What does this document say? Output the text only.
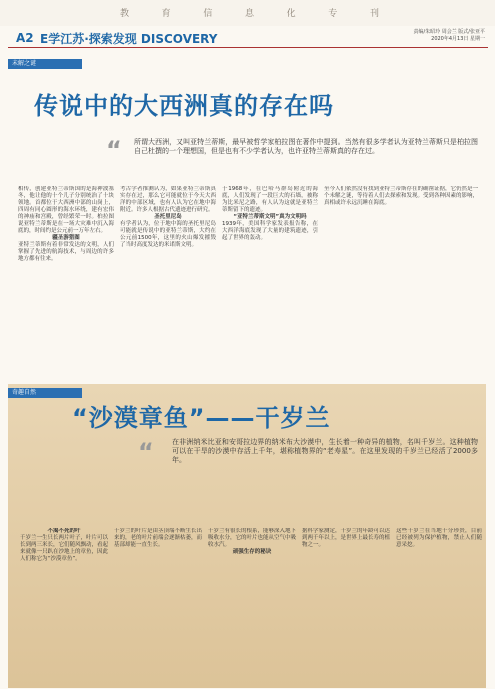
教	育	信	息	化	专	刊
A2 E学江苏·探索发现 DISCOVERY	责编/朱昭玲 周会兰 版式/张亚平
2020年4月13日 星期一
未解之谜
传说中的大西洲真的存在吗
“ 所谓大西洲，又叫亚特兰蒂斯，最早被哲学家柏拉图在著作中提到。当然有很多学者认为亚特兰蒂斯只是柏拉图自己杜撰的一个理想国，但是也有不少学者认为，也许亚特兰蒂斯真的存在过。
相传，创建亚特兰蒂斯国的是海神波塞冬，他让他的十个儿子分别统治了十块领地。首都位于大西洲中部的山岗上，四周有同心圆形的海水环绕，建有宏伟的神庙和宫殿，曾经繁荣一时。柏拉图说亚特兰蒂斯是在一场大灾难中沉入海底的，时间约是公元前一万年左右。
疆圣游猎图
亚特兰蒂斯有着非常发达的文明，人们掌握了先进的航海技术，与周边的许多地方都有往来。
考古学者推测认为，如果亚特兰蒂斯真实存在过，那么它可能就位于今天大西洋的中部区域，也有人认为它在地中海附近。许多人根据古代遗迹进行研究。
圣托里尼岛
有学者认为，位于地中海的圣托里尼岛可能就是传说中的亚特兰蒂斯，大约在公元前1500年，这里的火山爆发摧毁了当时高度发达的米诺斯文明。
于1968年，在巴哈马群岛附近的海底，人们发现了一段巨大的石墙，被称为比米尼之路，有人认为这就是亚特兰蒂斯留下的遗迹。
“亚特兰蒂斯文明”真为文明吗
1939年，美国科学家发表报告称，在大西洋海底发现了大量的建筑遗迹，引起了世界的轰动。
至今人们依然没有找到亚特兰蒂斯存在的确凿证据，它仍然是一个未解之谜，等待着人们去探索和发现。受到各种因素的影响，真相或许永远沉睡在海底。
奇趣自然
“沙漠章鱼”——干岁兰
“	在非洲纳米比亚和安哥拉边界的纳米布大沙漠中，生长着一种奇异的植物，名叫千岁兰。这种植物可以在干旱的沙漠中存活上千年，堪称植物界的“老寿星”。在这里发现的千岁兰已经活了2000多年。
不渴不死的叶
千岁兰一生只长两片叶子，叶片可以长到两三米长，它们随风飘动，看起来就像一只趴在沙地上的章鱼，因此人们称它为“沙漠章鱼”。
千岁兰的叶片是由茎顶端不断生长出来的，老的叶片前端会逐渐枯萎，而基部却能一直生长。
千岁兰有很长的根系，能够深入地下吸收水分，它的叶片也能从空气中吸收水汽。
顽强生存的秘诀
据科学家测定，千岁兰的年龄可以达到两千年以上，是世界上最长寿的植物之一。
这些千岁兰在当地十分珍贵，目前已经被列为保护植物，禁止人们随意采挖。
